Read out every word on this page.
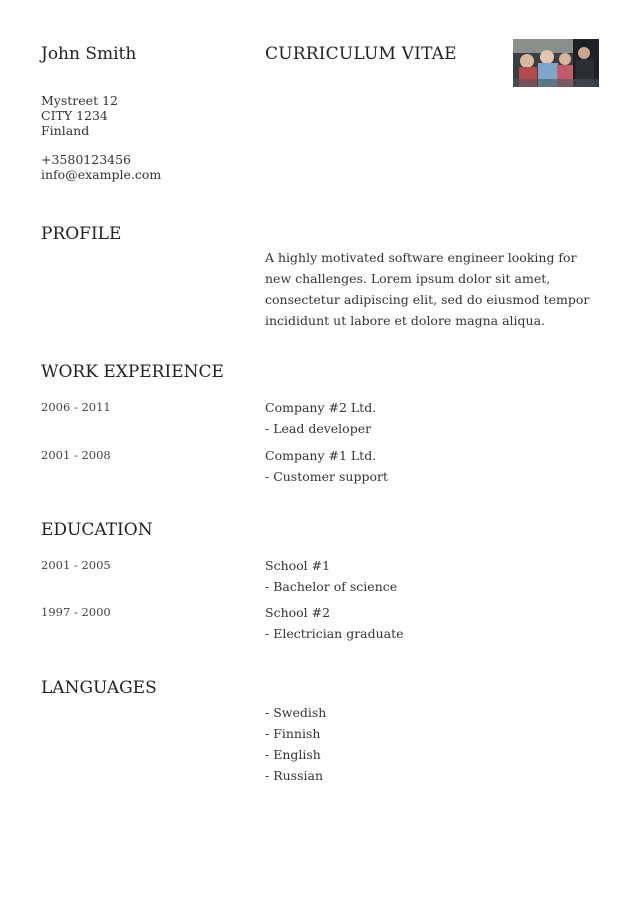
John Smith	CURRICULUM VITAE
Mystreet 12
CITY 1234
Finland
+3580123456
info@example.com
PROFILE
A highly motivated software engineer looking for
new challenges. Lorem ipsum dolor sit amet,
consectetur adipiscing elit, sed do eiusmod tempor
incididunt ut labore et dolore magna aliqua.
WORK EXPERIENCE
2006 - 2011	Company #2 Ltd.
- Lead developer
2001 - 2008	Company #1 Ltd.
- Customer support
EDUCATION
2001 - 2005	School #1
- Bachelor of science
1997 - 2000	School #2
- Electrician graduate
LANGUAGES
- Swedish
- Finnish
- English
- Russian
